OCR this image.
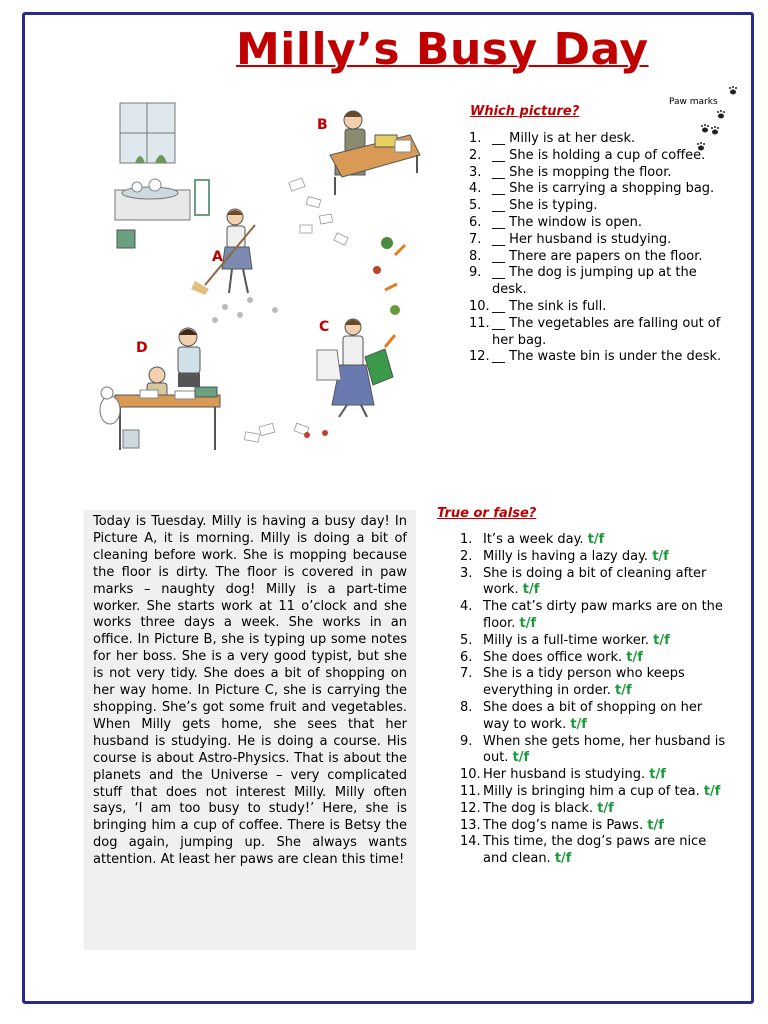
Milly’s Busy Day
A
B
C
D
Paw marks
Which picture?
1. __ Milly is at her desk.
2. __ She is holding a cup of coffee.
3. __ She is mopping the floor.
4. __ She is carrying a shopping bag.
5. __ She is typing.
6. __ The window is open.
7. __ Her husband is studying.
8. __ There are papers on the floor.
9. __ The dog is jumping up at the desk.
10. __ The sink is full.
11. __ The vegetables are falling out of her bag.
12. __ The waste bin is under the desk.
Today is Tuesday. Milly is having a busy day! In Picture A, it is morning. Milly is doing a bit of cleaning before work. She is mopping because the floor is dirty. The floor is covered in paw marks – naughty dog! Milly is a part-time worker. She starts work at 11 o’clock and she works three days a week. She works in an office. In Picture B, she is typing up some notes for her boss. She is a very good typist, but she is not very tidy. She does a bit of shopping on her way home. In Picture C, she is carrying the shopping. She’s got some fruit and vegetables. When Milly gets home, she sees that her husband is studying. He is doing a course. His course is about Astro-Physics. That is about the planets and the Universe – very complicated stuff that does not interest Milly. Milly often says, ‘I am too busy to study!’ Here, she is bringing him a cup of coffee. There is Betsy the dog again, jumping up. She always wants attention. At least her paws are clean this time!
True or false?
1. It’s a week day. t/f
2. Milly is having a lazy day. t/f
3. She is doing a bit of cleaning after work. t/f
4. The cat’s dirty paw marks are on the floor. t/f
5. Milly is a full-time worker. t/f
6. She does office work. t/f
7. She is a tidy person who keeps everything in order. t/f
8. She does a bit of shopping on her way to work. t/f
9. When she gets home, her husband is out. t/f
10. Her husband is studying. t/f
11. Milly is bringing him a cup of tea. t/f
12. The dog is black. t/f
13. The dog’s name is Paws. t/f
14. This time, the dog’s paws are nice and clean. t/f
